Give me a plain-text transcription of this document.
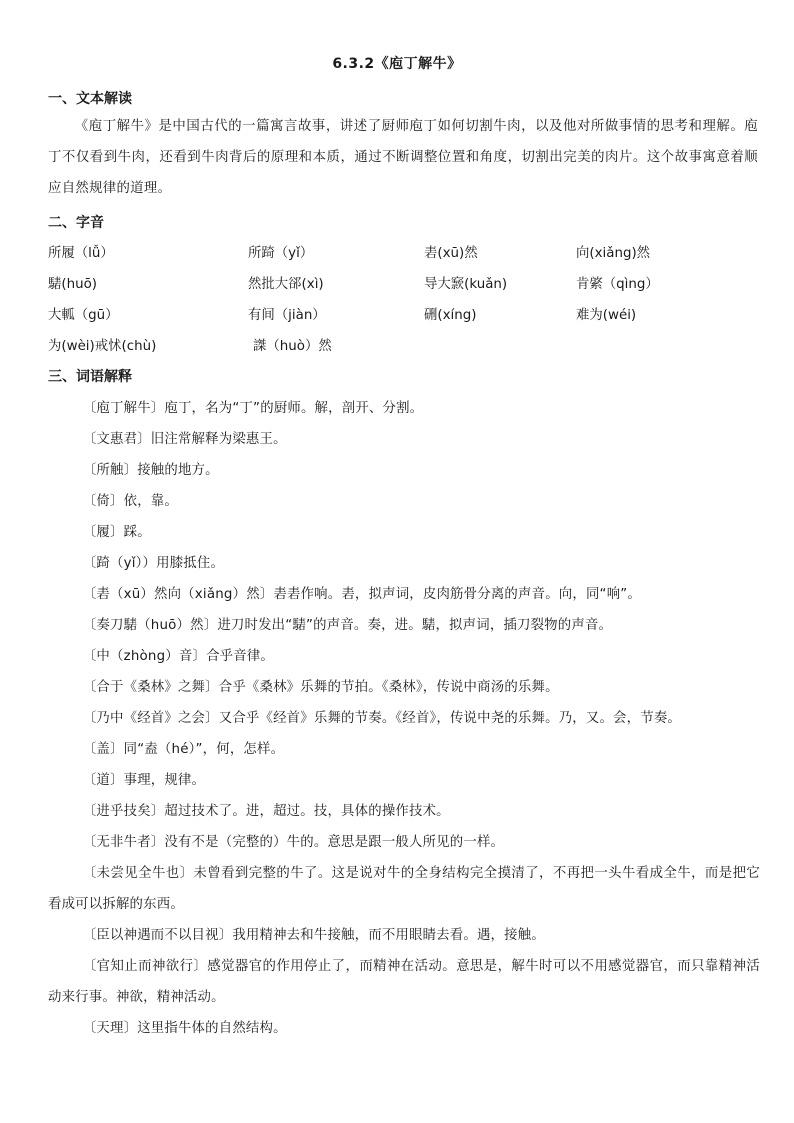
6.3.2《庖丁解牛》
一、文本解读
《庖丁解牛》是中国古代的一篇寓言故事，讲述了厨师庖丁如何切割牛肉，以及他对所做事情的思考和理解。庖丁不仅看到牛肉，还看到牛肉背后的原理和本质，通过不断调整位置和角度，切割出完美的肉片。这个故事寓意着顺应自然规律的道理。
二、字音
所履（lǚ）	所踦（yǐ）	砉(xū)然	向(xiǎng)然
騞(huō)	然批大郤(xì)	导大窾(kuǎn)	肯綮（qìng）
大軱（gū）	有间（jiàn）	硎(xíng)	难为(wéi)
为(wèi)戒怵(chù)	謋（huò）然
三、词语解释

〔庖丁解牛〕庖丁，名为“丁”的厨师。解，剖开、分割。

〔文惠君〕旧注常解释为梁惠王。

〔所触〕接触的地方。

〔倚〕依，靠。

〔履〕踩。

〔踦（yǐ））用膝抵住。

〔砉（xū）然向（xiǎng）然〕砉砉作响。砉，拟声词，皮肉筋骨分离的声音。向，同“响”。

〔奏刀騞（huō）然〕进刀时发出“騞”的声音。奏，进。騞，拟声词，插刀裂物的声音。

〔中（zhòng）音〕合乎音律。

〔合于《桑林》之舞〕合乎《桑林》乐舞的节拍。《桑林》，传说中商汤的乐舞。

〔乃中《经首》之会〕又合乎《经首》乐舞的节奏。《经首》，传说中尧的乐舞。乃，又。会，节奏。

〔盖〕同“盍（hé）”，何，怎样。

〔道〕事理，规律。

〔进乎技矣〕超过技术了。进，超过。技，具体的操作技术。

〔无非牛者〕没有不是（完整的）牛的。意思是跟一般人所见的一样。

〔未尝见全牛也〕未曾看到完整的牛了。这是说对牛的全身结构完全摸清了，不再把一头牛看成全牛，而是把它看成可以拆解的东西。

〔臣以神遇而不以目视〕我用精神去和牛接触，而不用眼睛去看。遇，接触。

〔官知止而神欲行〕感觉器官的作用停止了，而精神在活动。意思是，解牛时可以不用感觉器官，而只靠精神活动来行事。神欲，精神活动。

〔天理〕这里指牛体的自然结构。
